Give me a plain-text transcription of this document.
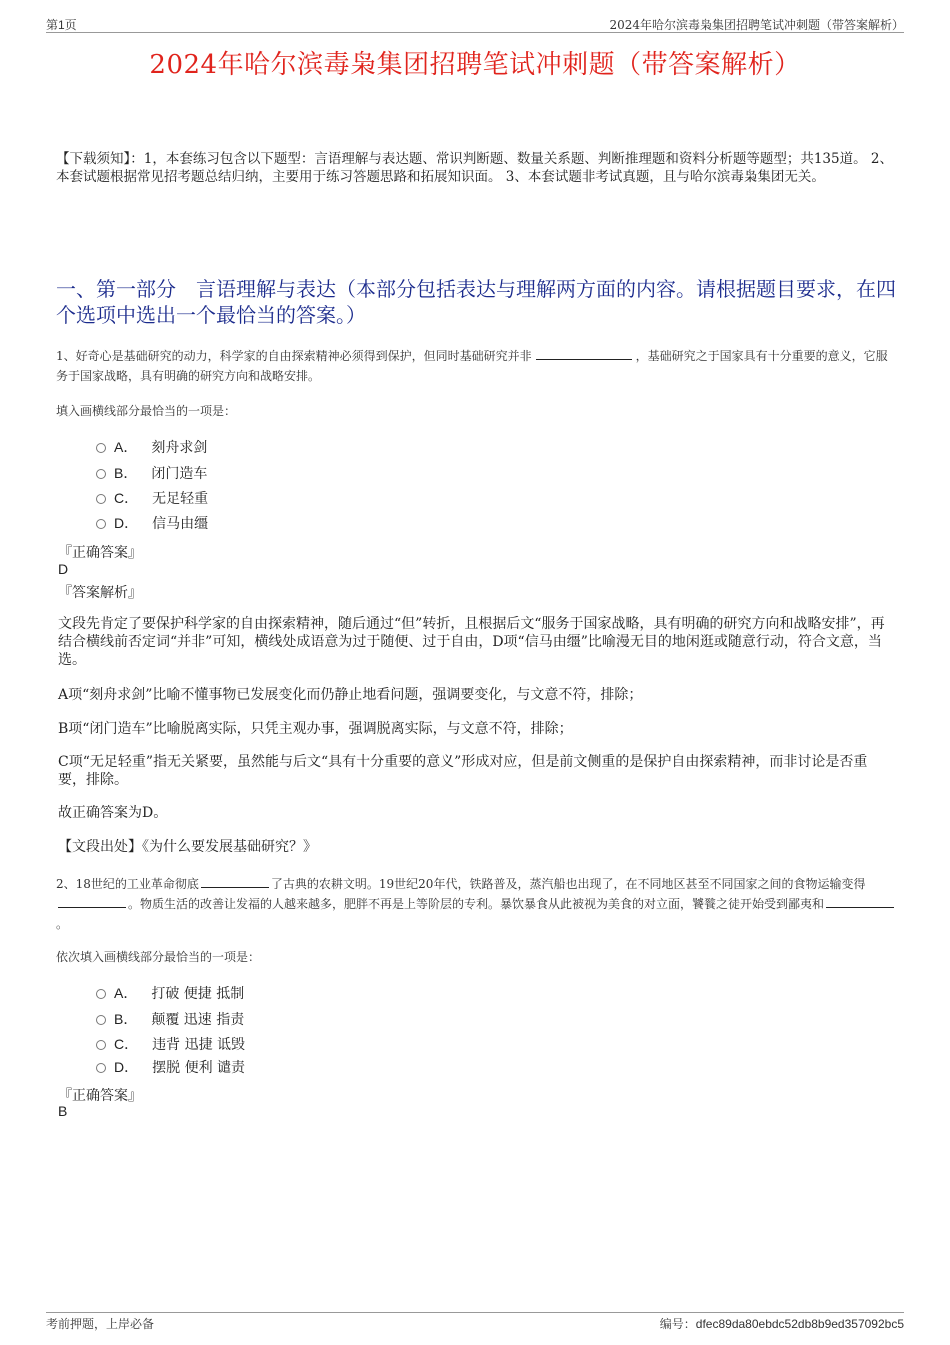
第1页	2024年哈尔滨毒枭集团招聘笔试冲刺题（带答案解析）
2024年哈尔滨毒枭集团招聘笔试冲刺题（带答案解析）
【下载须知】：1，本套练习包含以下题型：言语理解与表达题、常识判断题、数量关系题、判断推理题和资料分析题等题型；共135道。 2、本套试题根据常见招考题总结归纳，主要用于练习答题思路和拓展知识面。 3、本套试题非考试真题，且与哈尔滨毒枭集团无关。
一、第一部分　言语理解与表达（本部分包括表达与理解两方面的内容。请根据题目要求，在四个选项中选出一个最恰当的答案。）
1、好奇心是基础研究的动力，科学家的自由探索精神必须得到保护，但同时基础研究并非	，基础研究之于国家具有十分重要的意义，它服务于国家战略，具有明确的研究方向和战略安排。
填入画横线部分最恰当的一项是：
A． 刻舟求剑
B． 闭门造车
C． 无足轻重
D． 信马由缰
『正确答案』
D
『答案解析』
文段先肯定了要保护科学家的自由探索精神，随后通过“但”转折，且根据后文“服务于国家战略，具有明确的研究方向和战略安排”，再结合横线前否定词“并非”可知，横线处成语意为过于随便、过于自由，D项“信马由缰”比喻漫无目的地闲逛或随意行动，符合文意，当选。
A项“刻舟求剑”比喻不懂事物已发展变化而仍静止地看问题，强调要变化，与文意不符，排除；
B项“闭门造车”比喻脱离实际，只凭主观办事，强调脱离实际，与文意不符，排除；
C项“无足轻重”指无关紧要，虽然能与后文“具有十分重要的意义”形成对应，但是前文侧重的是保护自由探索精神，而非讨论是否重要，排除。
故正确答案为D。
【文段出处】《为什么要发展基础研究？》
2、18世纪的工业革命彻底	了古典的农耕文明。19世纪20年代，铁路普及，蒸汽船也出现了，在不同地区甚至不同国家之间的食物运输变得。物质生活的改善让发福的人越来越多，肥胖不再是上等阶层的专利。暴饮暴食从此被视为美食的对立面，饕餮之徒开始受到鄙夷和。
依次填入画横线部分最恰当的一项是：
A． 打破 便捷 抵制
B． 颠覆 迅速 指责
C． 违背 迅捷 诋毁
D． 摆脱 便利 谴责
『正确答案』
B
考前押题，上岸必备	编号：dfec89da80ebdc52db8b9ed357092bc5
